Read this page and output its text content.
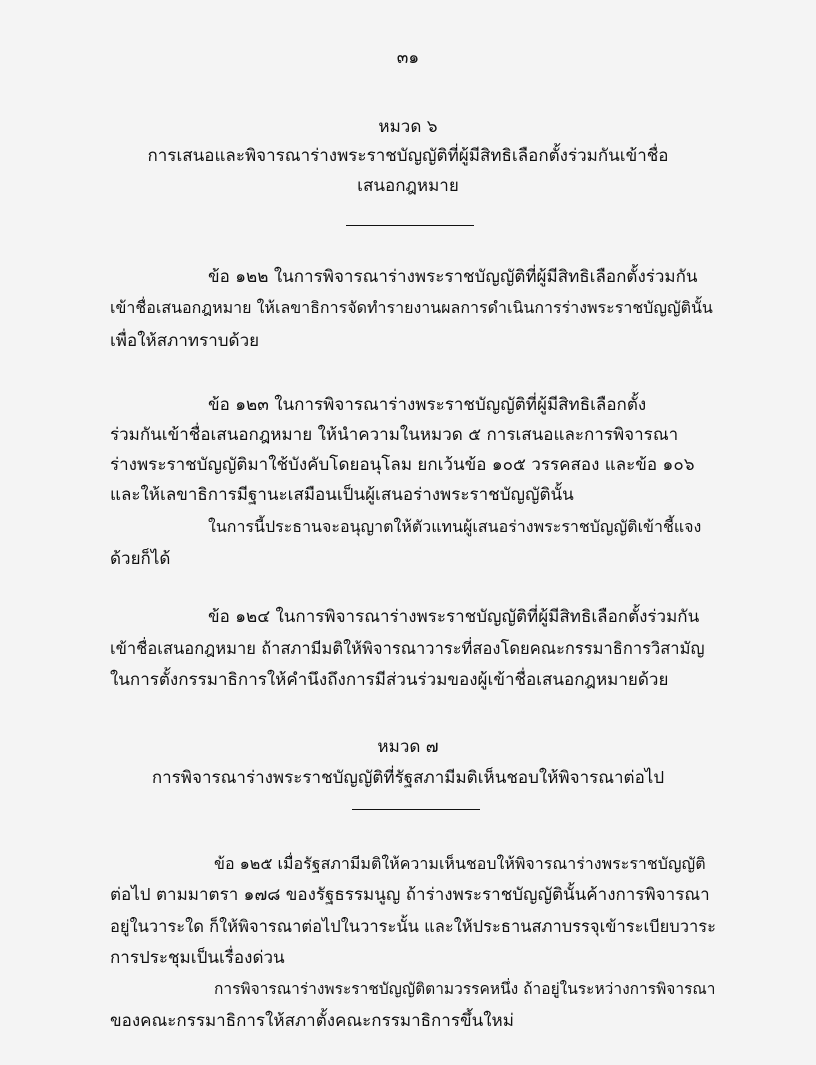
๓๑

หมวด ๖

การเสนอและพิจารณาร่างพระราชบัญญัติที่ผู้มีสิทธิเลือกตั้งร่วมกันเข้าชื่อ

เสนอกฎหมาย

ข้อ ๑๒๒ ในการพิจารณาร่างพระราชบัญญัติที่ผู้มีสิทธิเลือกตั้งร่วมกัน

เข้าชื่อเสนอกฎหมาย ให้เลขาธิการจัดทำรายงานผลการดำเนินการร่างพระราชบัญญัตินั้น

เพื่อให้สภาทราบด้วย

ข้อ ๑๒๓ ในการพิจารณาร่างพระราชบัญญัติที่ผู้มีสิทธิเลือกตั้ง

ร่วมกันเข้าชื่อเสนอกฎหมาย ให้นำความในหมวด ๕ การเสนอและการพิจารณา

ร่างพระราชบัญญัติมาใช้บังคับโดยอนุโลม ยกเว้นข้อ ๑๐๕ วรรคสอง และข้อ ๑๐๖

และให้เลขาธิการมีฐานะเสมือนเป็นผู้เสนอร่างพระราชบัญญัตินั้น

ในการนี้ประธานจะอนุญาตให้ตัวแทนผู้เสนอร่างพระราชบัญญัติเข้าชี้แจง

ด้วยก็ได้

ข้อ ๑๒๔ ในการพิจารณาร่างพระราชบัญญัติที่ผู้มีสิทธิเลือกตั้งร่วมกัน

เข้าชื่อเสนอกฎหมาย ถ้าสภามีมติให้พิจารณาวาระที่สองโดยคณะกรรมาธิการวิสามัญ

ในการตั้งกรรมาธิการให้คำนึงถึงการมีส่วนร่วมของผู้เข้าชื่อเสนอกฎหมายด้วย

หมวด ๗

การพิจารณาร่างพระราชบัญญัติที่รัฐสภามีมติเห็นชอบให้พิจารณาต่อไป

ข้อ ๑๒๕ เมื่อรัฐสภามีมติให้ความเห็นชอบให้พิจารณาร่างพระราชบัญญัติ

ต่อไป ตามมาตรา ๑๗๘ ของรัฐธรรมนูญ ถ้าร่างพระราชบัญญัตินั้นค้างการพิจารณา

อยู่ในวาระใด ก็ให้พิจารณาต่อไปในวาระนั้น และให้ประธานสภาบรรจุเข้าระเบียบวาระ

การประชุมเป็นเรื่องด่วน

การพิจารณาร่างพระราชบัญญัติตามวรรคหนึ่ง ถ้าอยู่ในระหว่างการพิจารณา

ของคณะกรรมาธิการให้สภาตั้งคณะกรรมาธิการขึ้นใหม่
